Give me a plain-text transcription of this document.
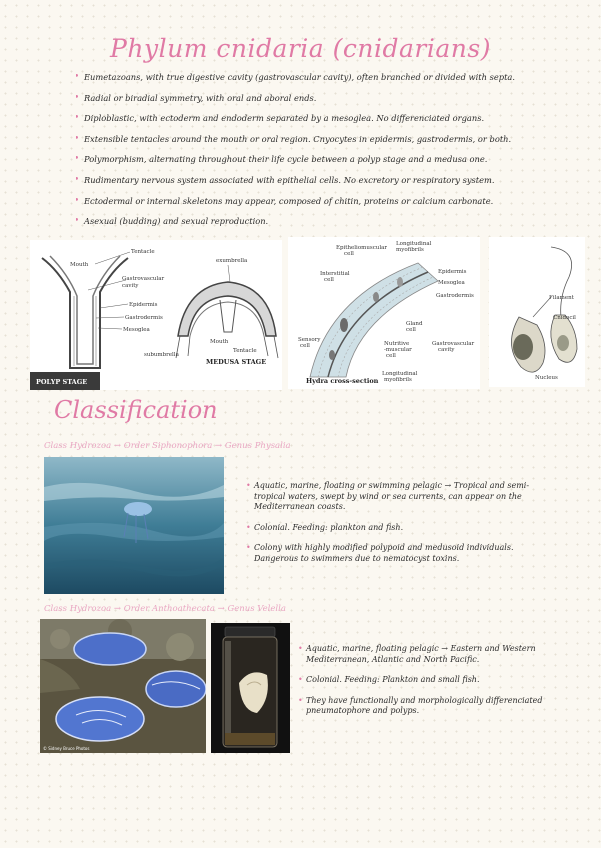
Phylum cnidaria (cnidarians)
• Eumetazoans, with true digestive cavity (gastrovascular cavity), often branched or divided with septa.
• Radial or biradial symmetry, with oral and aboral ends.
• Diploblastic, with ectoderm and endoderm separated by a mesoglea. No differenciated organs.
• Extensible tentacles around the mouth or oral region. Cnyocytes in epidermis, gastrodermis, or both.
• Polymorphism, alternating throughout their life cycle between a polyp stage and a medusa one.
• Rudimentary nervous system associated with epithelial cells. No excretory or respiratory system.
• Ectodermal or internal skeletons may appear, composed of chitin, proteins or calcium carbonate.
• Asexual (budding) and sexual reproduction.
Tentacle
Mouth
Gastrovascular
cavity
Epidermis
Gastrodermis
Mesoglea
POLYP STAGE
exumbrella
subumbrella
Mouth
Tentacle
MEDUSA STAGE
Epitheliomuscular
cell
Longitudinal
myofibrils
Interstitial
cell
Epidermis
Mesoglea
Gastrodermis
Gland
cell
Sensory
cell	Nutritive
-muscular
cell
Gastrovascular
cavity
Hydra cross-section
Longitudinal
myofibrils
Filament
Cnidocil
Nucleus
Classification
Class Hydrozoa → Order Siphonophora → Genus Physalia

• Aquatic, marine, floating or swimming pelagic → Tropical and semi-tropical waters, swept by wind or sea currents, can appear on the Mediterranean coasts.

• Colonial. Feeding: plankton and fish.

• Colony with highly modified polypoid and medusoid individuals. Dangerous to swimmers due to nematocyst toxins.

Class Hydrozoa → Order Anthoathecata → Genus Velella
© Sidney Bruce Photos

• Aquatic, marine, floating pelagic → Eastern and Western Mediterranean, Atlantic and North Pacific.

• Colonial. Feeding: Plankton and small fish.

• They have functionally and morphologically differenciated pneumatophore and polyps.
